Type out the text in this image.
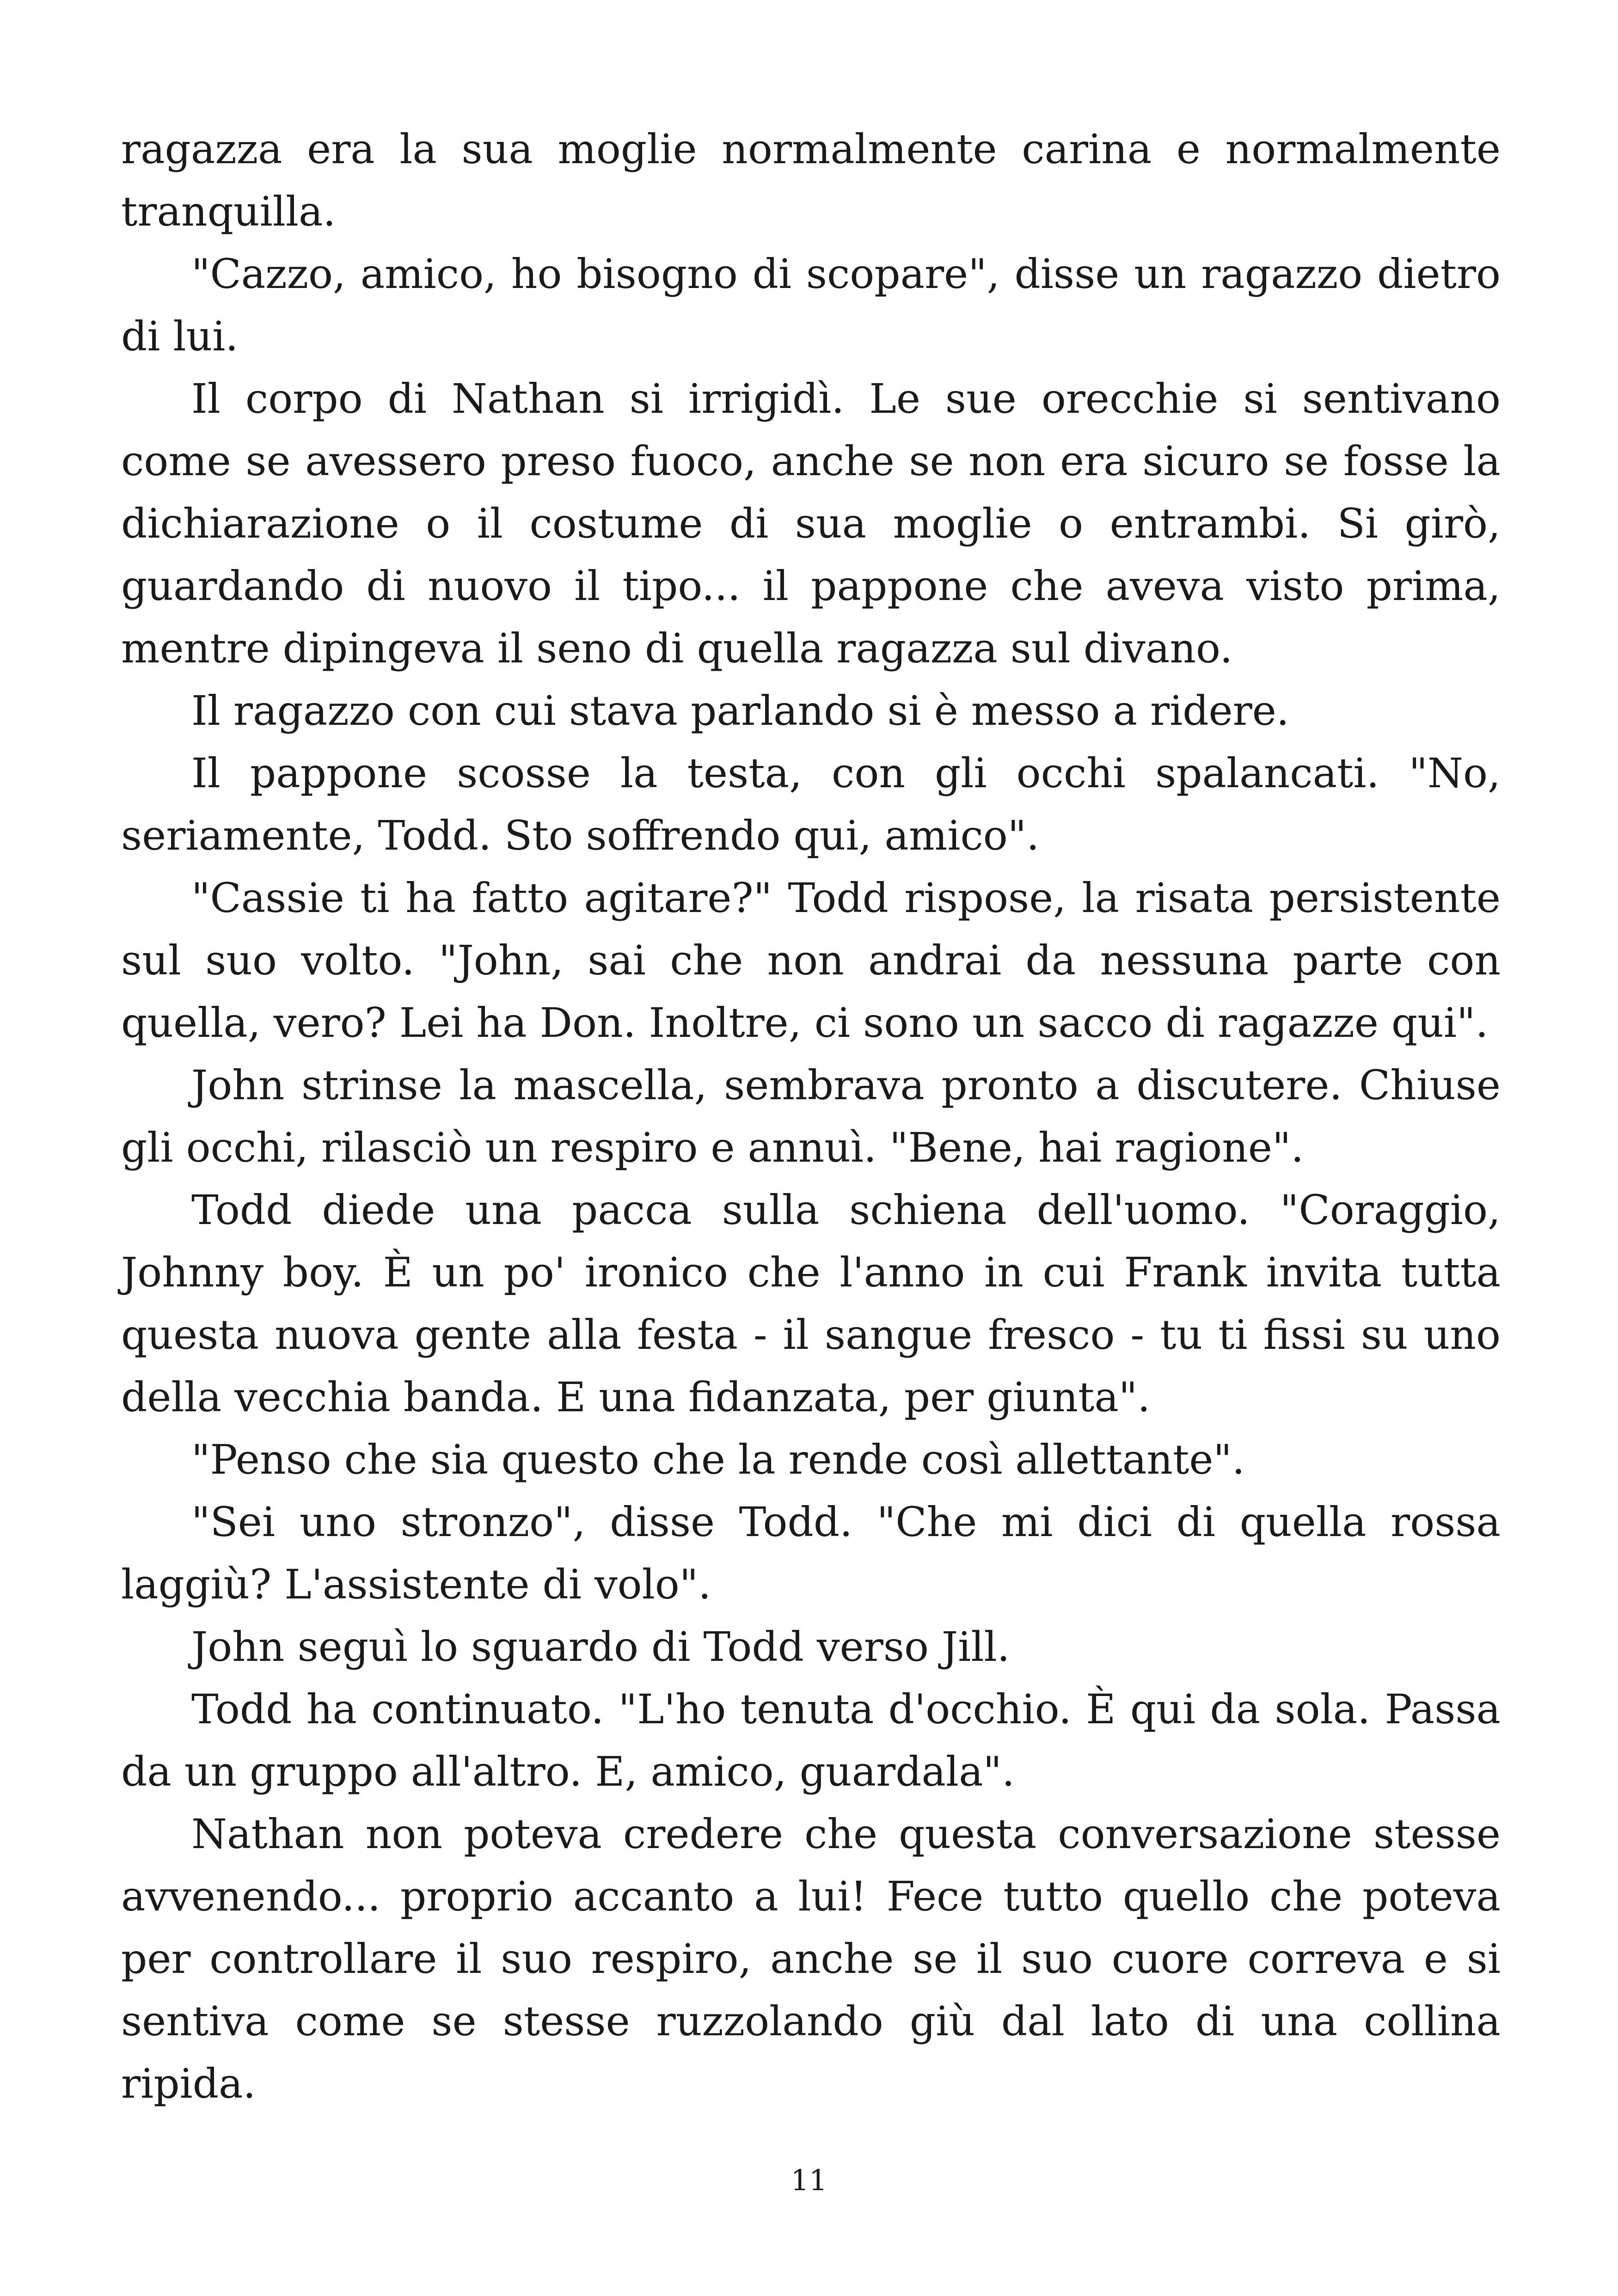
ragazza era la sua moglie normalmente carina e normalmente tranquilla.

"Cazzo, amico, ho bisogno di scopare", disse un ragazzo dietro di lui.

Il corpo di Nathan si irrigidì. Le sue orecchie si sentivano come se avessero preso fuoco, anche se non era sicuro se fosse la dichiarazione o il costume di sua moglie o entrambi. Si girò, guardando di nuovo il tipo... il pappone che aveva visto prima, mentre dipingeva il seno di quella ragazza sul divano.

Il ragazzo con cui stava parlando si è messo a ridere.

Il pappone scosse la testa, con gli occhi spalancati. "No, seriamente, Todd. Sto soffrendo qui, amico".

"Cassie ti ha fatto agitare?" Todd rispose, la risata persistente sul suo volto. "John, sai che non andrai da nessuna parte con quella, vero? Lei ha Don. Inoltre, ci sono un sacco di ragazze qui".

John strinse la mascella, sembrava pronto a discutere. Chiuse gli occhi, rilasciò un respiro e annuì. "Bene, hai ragione".

Todd diede una pacca sulla schiena dell'uomo. "Coraggio, Johnny boy. È un po' ironico che l'anno in cui Frank invita tutta questa nuova gente alla festa - il sangue fresco - tu ti fissi su uno della vecchia banda. E una fidanzata, per giunta".

"Penso che sia questo che la rende così allettante".

"Sei uno stronzo", disse Todd. "Che mi dici di quella rossa laggiù? L'assistente di volo".

John seguì lo sguardo di Todd verso Jill.

Todd ha continuato. "L'ho tenuta d'occhio. È qui da sola. Passa da un gruppo all'altro. E, amico, guardala".

Nathan non poteva credere che questa conversazione stesse avvenendo... proprio accanto a lui! Fece tutto quello che poteva per controllare il suo respiro, anche se il suo cuore correva e si sentiva come se stesse ruzzolando giù dal lato di una collina ripida.

11
